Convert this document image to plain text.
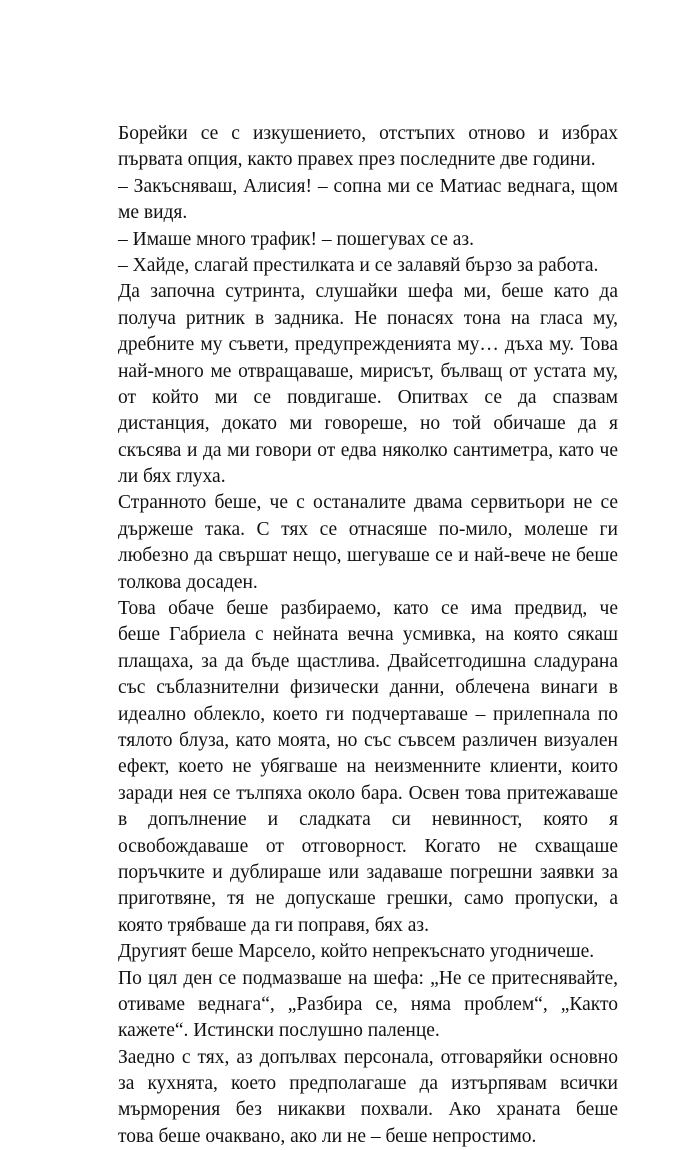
Борейки се с изкушението, отстъпих отново и избрах
първата опция, както правех през последните две години.
– Закъсняваш, Алисия! – сопна ми се Матиас веднага, щом
ме видя.
– Имаше много трафик! – пошегувах се аз.
– Хайде, слагай престилката и се залавяй бързо за работа.
Да започна сутринта, слушайки шефа ми, беше като да
получа ритник в задника. Не понасях тона на гласа му,
дребните му съвети, предупрежденията му… дъха му. Това
най-много ме отвращаваше, мирисът, бълващ от устата му,
от който ми се повдигаше. Опитвах се да спазвам
дистанция, докато ми говореше, но той обичаше да я
скъсява и да ми говори от едва няколко сантиметра, като че
ли бях глуха.
Странното беше, че с останалите двама сервитьори не се
държеше така. С тях се отнасяше по-мило, молеше ги
любезно да свършат нещо, шегуваше се и най-вече не беше
толкова досаден.
Това обаче беше разбираемо, като се има предвид, че
беше Габриела с нейната вечна усмивка, на която сякаш
плащаха, за да бъде щастлива. Двайсетгодишна сладурана
със съблазнителни физически данни, облечена винаги в
идеално облекло, което ги подчертаваше – прилепнала по
тялото блуза, като моята, но със съвсем различен визуален
ефект, което не убягваше на неизменните клиенти, които
заради нея се тълпяха около бара. Освен това притежаваше
в допълнение и сладката си невинност, която я
освобождаваше от отговорност. Когато не схващаше
поръчките и дублираше или задаваше погрешни заявки за
приготвяне, тя не допускаше грешки, само пропуски, а
която трябваше да ги поправя, бях аз.
Другият беше Марсело, който непрекъснато угодничеше.
По цял ден се подмазваше на шефа: „Не се притеснявайте,
отиваме веднага“, „Разбира се, няма проблем“, „Както
кажете“. Истински послушно паленце.
Заедно с тях, аз допълвах персонала, отговаряйки основно
за кухнята, което предполагаше да изтърпявам всички
мърморения без никакви похвали. Ако храната беше
това беше очаквано, ако ли не – беше непростимо.
